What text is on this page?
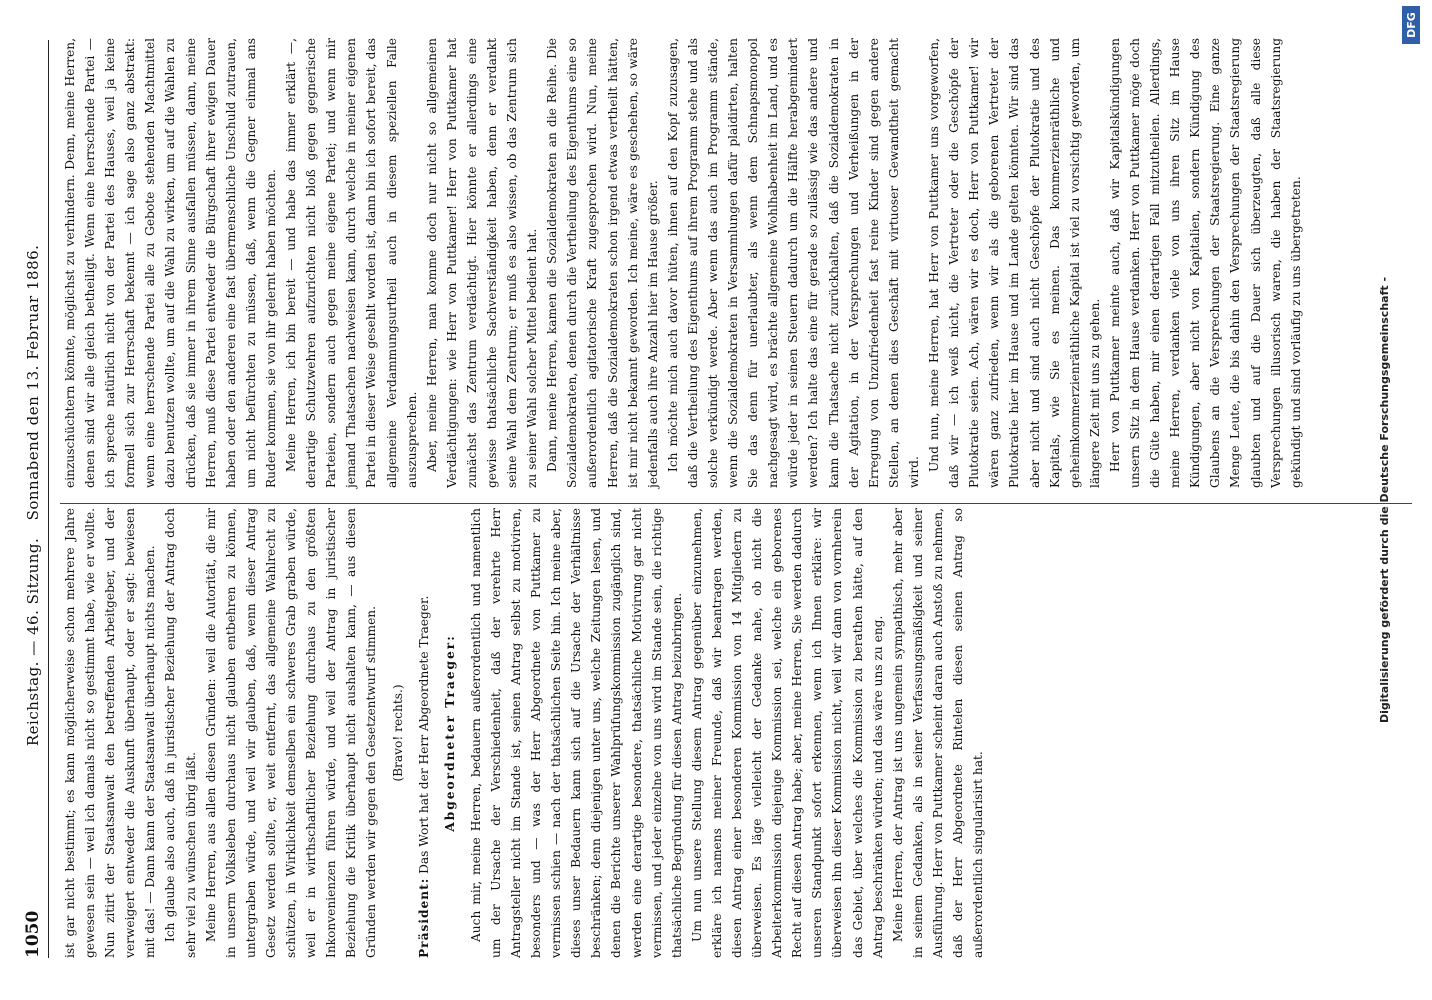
1050
Reichstag. — 46. Sitzung. Sonnabend den 13. Februar 1886.

ist gar nicht bestimmt; es kann möglicherweise schon mehrere Jahre gewesen sein — weil ich damals nicht so gestimmt habe, wie er wollte. Nun zitirt der Staatsanwalt den betreffenden Arbeitgeber, und der verweigert entweder die Auskunft überhaupt, oder er sagt: bewiesen mit das! — Dann kann der Staatsanwalt überhaupt nichts machen. Ich glaube also auch, daß in juristischer Beziehung der Antrag doch sehr viel zu wünschen übrig läßt. Meine Herren, aus allen diesen Gründen: weil die Autorität, die mir in unserm Volksleben durchaus nicht glauben entbehren zu können, untergraben würde, und weil wir glauben, daß, wenn dieser Antrag Gesetz werden sollte, er, weit entfernt, das allgemeine Wahlrecht zu schützen, in Wirklichkeit demselben ein schweres Grab graben würde, weil er in wirthschaftlicher Beziehung durchaus zu den größten Inkonvenienzen führen würde, und weil der Antrag in juristischer Beziehung die Kritik überhaupt nicht aushalten kann, — aus diesen Gründen werden wir gegen den Gesetzentwurf stimmen. (Bravo! rechts.)

Präsident: Das Wort hat der Herr Abgeordnete Traeger. Abgeordneter Traeger: Auch mir, meine Herren, bedauern außerordentlich und namentlich um der Ursache der Verschiedenheit, daß der verehrte Herr Antragsteller nicht im Stande ist, seinen Antrag selbst zu motiviren, besonders und — was der Herr Abgeordnete von Puttkamer zu vermissen schien — nach der thatsächlichen Seite hin. Ich meine aber, dieses unser Bedauern kann sich auf die Ursache der Verhältnisse beschränken; denn diejenigen unter uns, welche Zeitungen lesen, und denen die Berichte unserer Wahlprüfungskommission zugänglich sind, werden eine derartige besondere, thatsächliche Motivirung gar nicht vermissen, und jeder einzelne von uns wird im Stande sein, die richtige thatsächliche Begründung für diesen Antrag beizubringen. Um nun unsere Stellung diesem Antrag gegenüber einzunehmen, erkläre ich namens meiner Freunde, daß wir beantragen werden, diesen Antrag einer besonderen Kommission von 14 Mitgliedern zu überweisen. Es läge vielleicht der Gedanke nahe, ob nicht die Arbeiterkommission diejenige Kommission sei, welche ein geborenes Recht auf diesen Antrag habe; aber, meine Herren, Sie werden dadurch unseren Standpunkt sofort erkennen, wenn ich Ihnen erkläre: wir überweisen ihn dieser Kommission nicht, weil wir dann von vornherein das Gebiet, über welches die Kommission zu berathen hätte, auf den Antrag beschränken würden; und das wäre uns zu eng. Meine Herren, der Antrag ist uns ungemein sympathisch, mehr aber in seinem Gedanken, als in seiner Verfassungsmäßigkeit und seiner Ausführung. Herr von Puttkamer scheint daran auch Anstoß zu nehmen, daß der Herr Abgeordnete Rintelen diesen seinen Antrag so außerordentlich singularisirt hat.

einzuschüchtern könnte, möglichst zu verhindern. Denn, meine Herren, denen sind wir alle gleich betheiligt. Wenn eine herrschende Partei — ich spreche natürlich nicht von der Partei des Hauses, weil ja keine formell sich zur Herrschaft bekennt — ich sage also ganz abstrakt: wenn eine herrschende Partei alle zu Gebote stehenden Machtmittel dazu benutzen wollte, um auf die Wahl zu wirken, um auf die Wahlen zu drücken, daß sie immer in ihrem Sinne ausfallen müssen, dann, meine Herren, muß diese Partei entweder die Bürgschaft ihrer ewigen Dauer haben oder den anderen eine fast übermenschliche Unschuld zutrauen, um nicht befürchten zu müssen, daß, wenn die Gegner einmal ans Ruder kommen, sie von ihr gelernt haben möchten. Meine Herren, ich bin bereit — und habe das immer erklärt —, derartige Schutzwehren aufzurichten nicht bloß gegen gegnerische Parteien, sondern auch gegen meine eigene Partei; und wenn mir jemand Thatsachen nachweisen kann, durch welche in meiner eigenen Partei in dieser Weise gesehlt worden ist, dann bin ich sofort bereit, das allgemeine Verdammungsurtheil auch in diesem speziellen Falle auszusprechen. Aber, meine Herren, man komme doch nur nicht so allgemeinen Verdächtigungen: wie Herr von Puttkamer! Herr von Puttkamer hat zunächst das Zentrum verdächtigt. Hier könnte er allerdings eine gewisse thatsächliche Sachverständigkeit haben, denn er verdankt seine Wahl dem Zentrum; er muß es also wissen, ob das Zentrum sich zu seiner Wahl solcher Mittel bedient hat. Dann, meine Herren, kamen die Sozialdemokraten an die Reihe. Die Sozialdemokraten, denen durch die Vertheilung des Eigenthums eine so außerordentlich agitatorische Kraft zugesprochen wird. Nun, meine Herren, daß die Sozialdemokraten schon irgend etwas vertheilt hätten, ist mir nicht bekannt geworden. Ich meine, wäre es geschehen, so wäre jedenfalls auch ihre Anzahl hier im Hause größer. Ich möchte mich auch davor hüten, ihnen auf den Kopf zuzusagen, daß die Vertheilung des Eigenthums auf ihrem Programm stehe und als solche verkündigt werde. Aber wenn das auch im Programm stände, wenn die Sozialdemokraten in Versammlungen dafür plaidirten, halten Sie das denn für unerlaubter, als wenn dem Schnapsmonopol nachgesagt wird, es brächte allgemeine Wohlhabenheit im Land, und es würde jeder in seinen Steuern dadurch um die Hälfte herabgemindert werden? Ich halte das eine für gerade so zulässig wie das andere und kann die Thatsache nicht zurückhalten, daß die Sozialdemokraten in der Agitation, in der Versprechungen und Verheißungen in der Erregung von Unzufriedenheit fast reine Kinder sind gegen andere Stellen, an denen dies Geschäft mit virtuoser Gewandtheit gemacht wird.

Und nun, meine Herren, hat Herr von Puttkamer uns vorgeworfen, daß wir — ich weiß nicht, die Vertreter oder die Geschöpfe der Plutokratie seien. Ach, wären wir es doch, Herr von Puttkamer! wir wären ganz zufrieden, wenn wir als die geborenen Vertreter der Plutokratie hier im Hause und im Lande gelten könnten. Wir sind das aber nicht und sind auch nicht Geschöpfe der Plutokratie und des Kapitals, wie Sie es meinen. Das kommerzienräthliche und geheimkommerzienräthliche Kapital ist viel zu vorsichtig geworden, um längere Zeit mit uns zu gehen. Herr von Puttkamer meinte auch, daß wir Kapitalskündigungen unsern Sitz in dem Hause verdanken. Herr von Puttkamer möge doch die Güte haben, mir einen derartigen Fall mitzutheilen. Allerdings, meine Herren, verdanken viele von uns ihren Sitz im Hause Kündigungen, aber nicht von Kapitalien, sondern Kündigung des Glaubens an die Versprechungen der Staatsregierung. Eine ganze Menge Leute, die bis dahin den Versprechungen der Staatsregierung glaubten und auf die Dauer sich überzeugten, daß alle diese Versprechungen illusorisch waren, die haben der Staatsregierung gekündigt und sind vorläufig zu uns übergetreten.	Digitalisierung gefördert durch die Deutsche Forschungsgemeinschaft -
DFG
